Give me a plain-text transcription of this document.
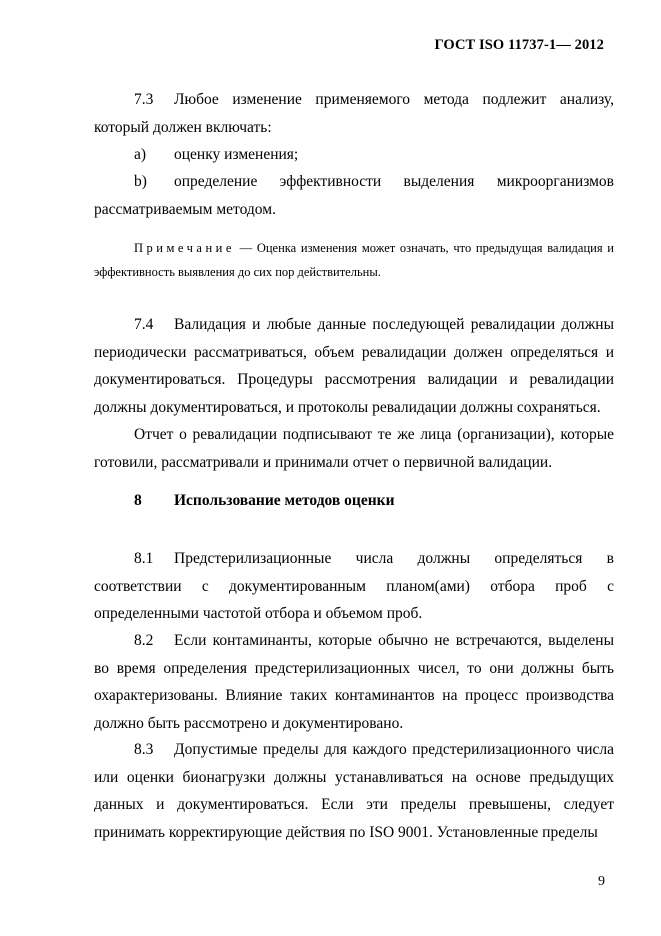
ГОСТ ISO 11737-1— 2012

7.3 Любое изменение применяемого метода подлежит анализу, который должен включать:

а) оценку изменения;

b) определение эффективности выделения микроорганизмов рассматриваемым методом.

Примечание — Оценка изменения может означать, что предыдущая валидация и эффективность выявления до сих пор действительны.

7.4 Валидация и любые данные последующей ревалидации должны периодически рассматриваться, объем ревалидации должен определяться и документироваться. Процедуры рассмотрения валидации и ревалидации должны документироваться, и протоколы ревалидации должны сохраняться.

Отчет о ревалидации подписывают те же лица (организации), которые готовили, рассматривали и принимали отчет о первичной валидации.

8 Использование методов оценки

8.1 Предстерилизационные числа должны определяться в соответствии с документированным планом(ами) отбора проб с определенными частотой отбора и объемом проб.

8.2 Если контаминанты, которые обычно не встречаются, выделены во время определения предстерилизационных чисел, то они должны быть охарактеризованы. Влияние таких контаминантов на процесс производства должно быть рассмотрено и документировано.

8.3 Допустимые пределы для каждого предстерилизационного числа или оценки бионагрузки должны устанавливаться на основе предыдущих данных и документироваться. Если эти пределы превышены, следует принимать корректирующие действия по ISO 9001. Установленные пределы

9
